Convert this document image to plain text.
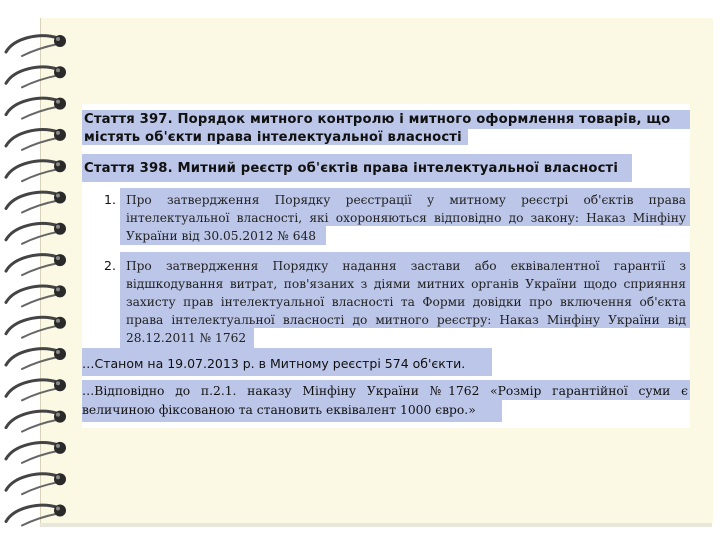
Стаття 397. Порядок митного контролю і митного оформлення товарів, що
містять об'єкти права інтелектуальної власності
Стаття 398. Митний реєстр об'єктів права інтелектуальної власності
1. Про затвердження Порядку реєстрації у митному реєстрі об'єктів права
інтелектуальної власності, які охороняються відповідно до закону: Наказ Мінфіну
України від 30.05.2012 № 648
2. Про затвердження Порядку надання застави або еквівалентної гарантії з
відшкодування витрат, пов'язаних з діями митних органів України щодо сприяння
захисту прав інтелектуальної власності та Форми довідки про включення об'єкта
права інтелектуальної власності до митного реєстру: Наказ Мінфіну України від
28.12.2011 № 1762
…Станом на 19.07.2013 р. в Митному реєстрі 574 об'єкти.
…Відповідно до п.2.1. наказу Мінфіну України №1762 «Розмір гарантійної суми є
величиною фіксованою та становить еквівалент 1000 євро.»
